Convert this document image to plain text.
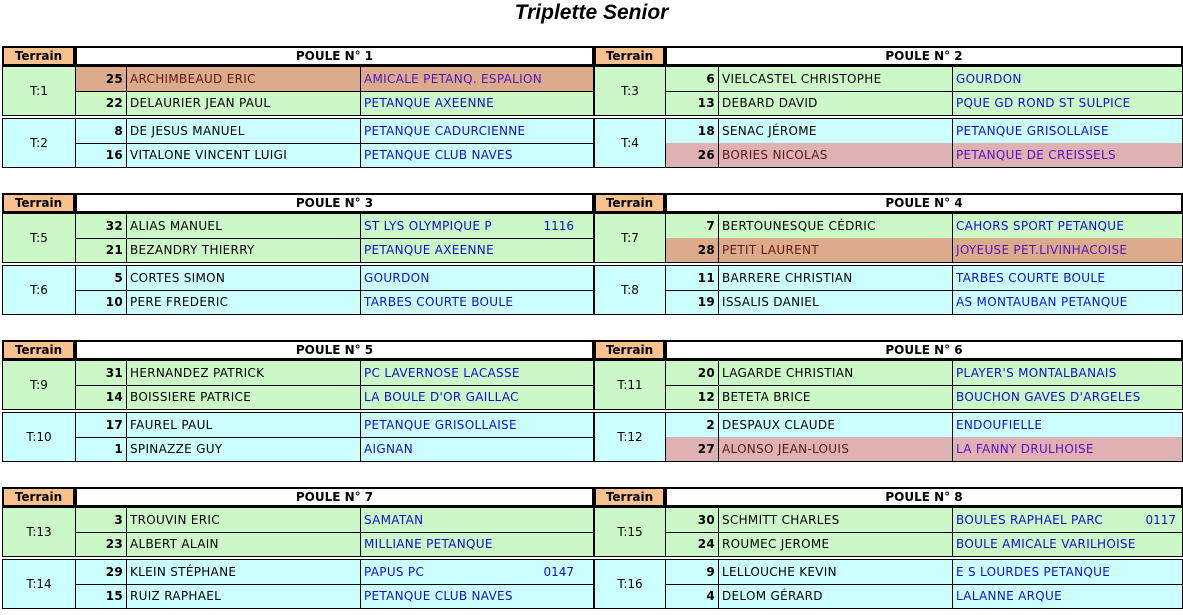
Triplette Senior
Terrain	POULE N° 1
T:1
25 ARCHIMBEAUD ERIC	AMICALE PETANQ. ESPALION
22 DELAURIER JEAN PAUL	PETANQUE AXEENNE
T:2
8 DE JESUS MANUEL	PETANQUE CADURCIENNE
16 VITALONE VINCENT LUIGI	PETANQUE CLUB NAVES
Terrain	POULE N° 2
T:3
6 VIELCASTEL CHRISTOPHE	GOURDON
13 DEBARD DAVID	PQUE GD ROND ST SULPICE
T:4
18 SENAC JÉROME	PETANQUE GRISOLLAISE
26 BORIES NICOLAS	PETANQUE DE CREISSELS
Terrain	POULE N° 3
T:5
32 ALIAS MANUEL	ST LYS OLYMPIQUE P	1116
21 BEZANDRY THIERRY	PETANQUE AXEENNE
T:6
5 CORTES SIMON	GOURDON
10 PERE FREDERIC	TARBES COURTE BOULE
Terrain	POULE N° 4
T:7
7 BERTOUNESQUE CÉDRIC	CAHORS SPORT PETANQUE
28 PETIT LAURENT	JOYEUSE PET.LIVINHACOISE
T:8
11 BARRERE CHRISTIAN	TARBES COURTE BOULE
19 ISSALIS DANIEL	AS MONTAUBAN PETANQUE
Terrain	POULE N° 5
T:9
31 HERNANDEZ PATRICK	PC LAVERNOSE LACASSE
14 BOISSIERE PATRICE	LA BOULE D'OR GAILLAC
T:10
17 FAUREL PAUL	PETANQUE GRISOLLAISE
1 SPINAZZE GUY	AIGNAN
Terrain	POULE N° 6
T:11
20 LAGARDE CHRISTIAN	PLAYER'S MONTALBANAIS
12 BETETA BRICE	BOUCHON GAVES D'ARGELES
T:12
2 DESPAUX CLAUDE	ENDOUFIELLE
27 ALONSO JEAN-LOUIS	LA FANNY DRULHOISE
Terrain	POULE N° 7
T:13
3 TROUVIN ERIC	SAMATAN
23 ALBERT ALAIN	MILLIANE PETANQUE
T:14
29 KLEIN STÉPHANE	PAPUS PC	0147
15 RUIZ RAPHAEL	PETANQUE CLUB NAVES
Terrain	POULE N° 8
T:15
30 SCHMITT CHARLES	BOULES RAPHAEL PARC	0117
24 ROUMEC JEROME	BOULE AMICALE VARILHOISE
T:16
9 LELLOUCHE KEVIN	E S LOURDES PETANQUE
4 DELOM GÉRARD	LALANNE ARQUE
